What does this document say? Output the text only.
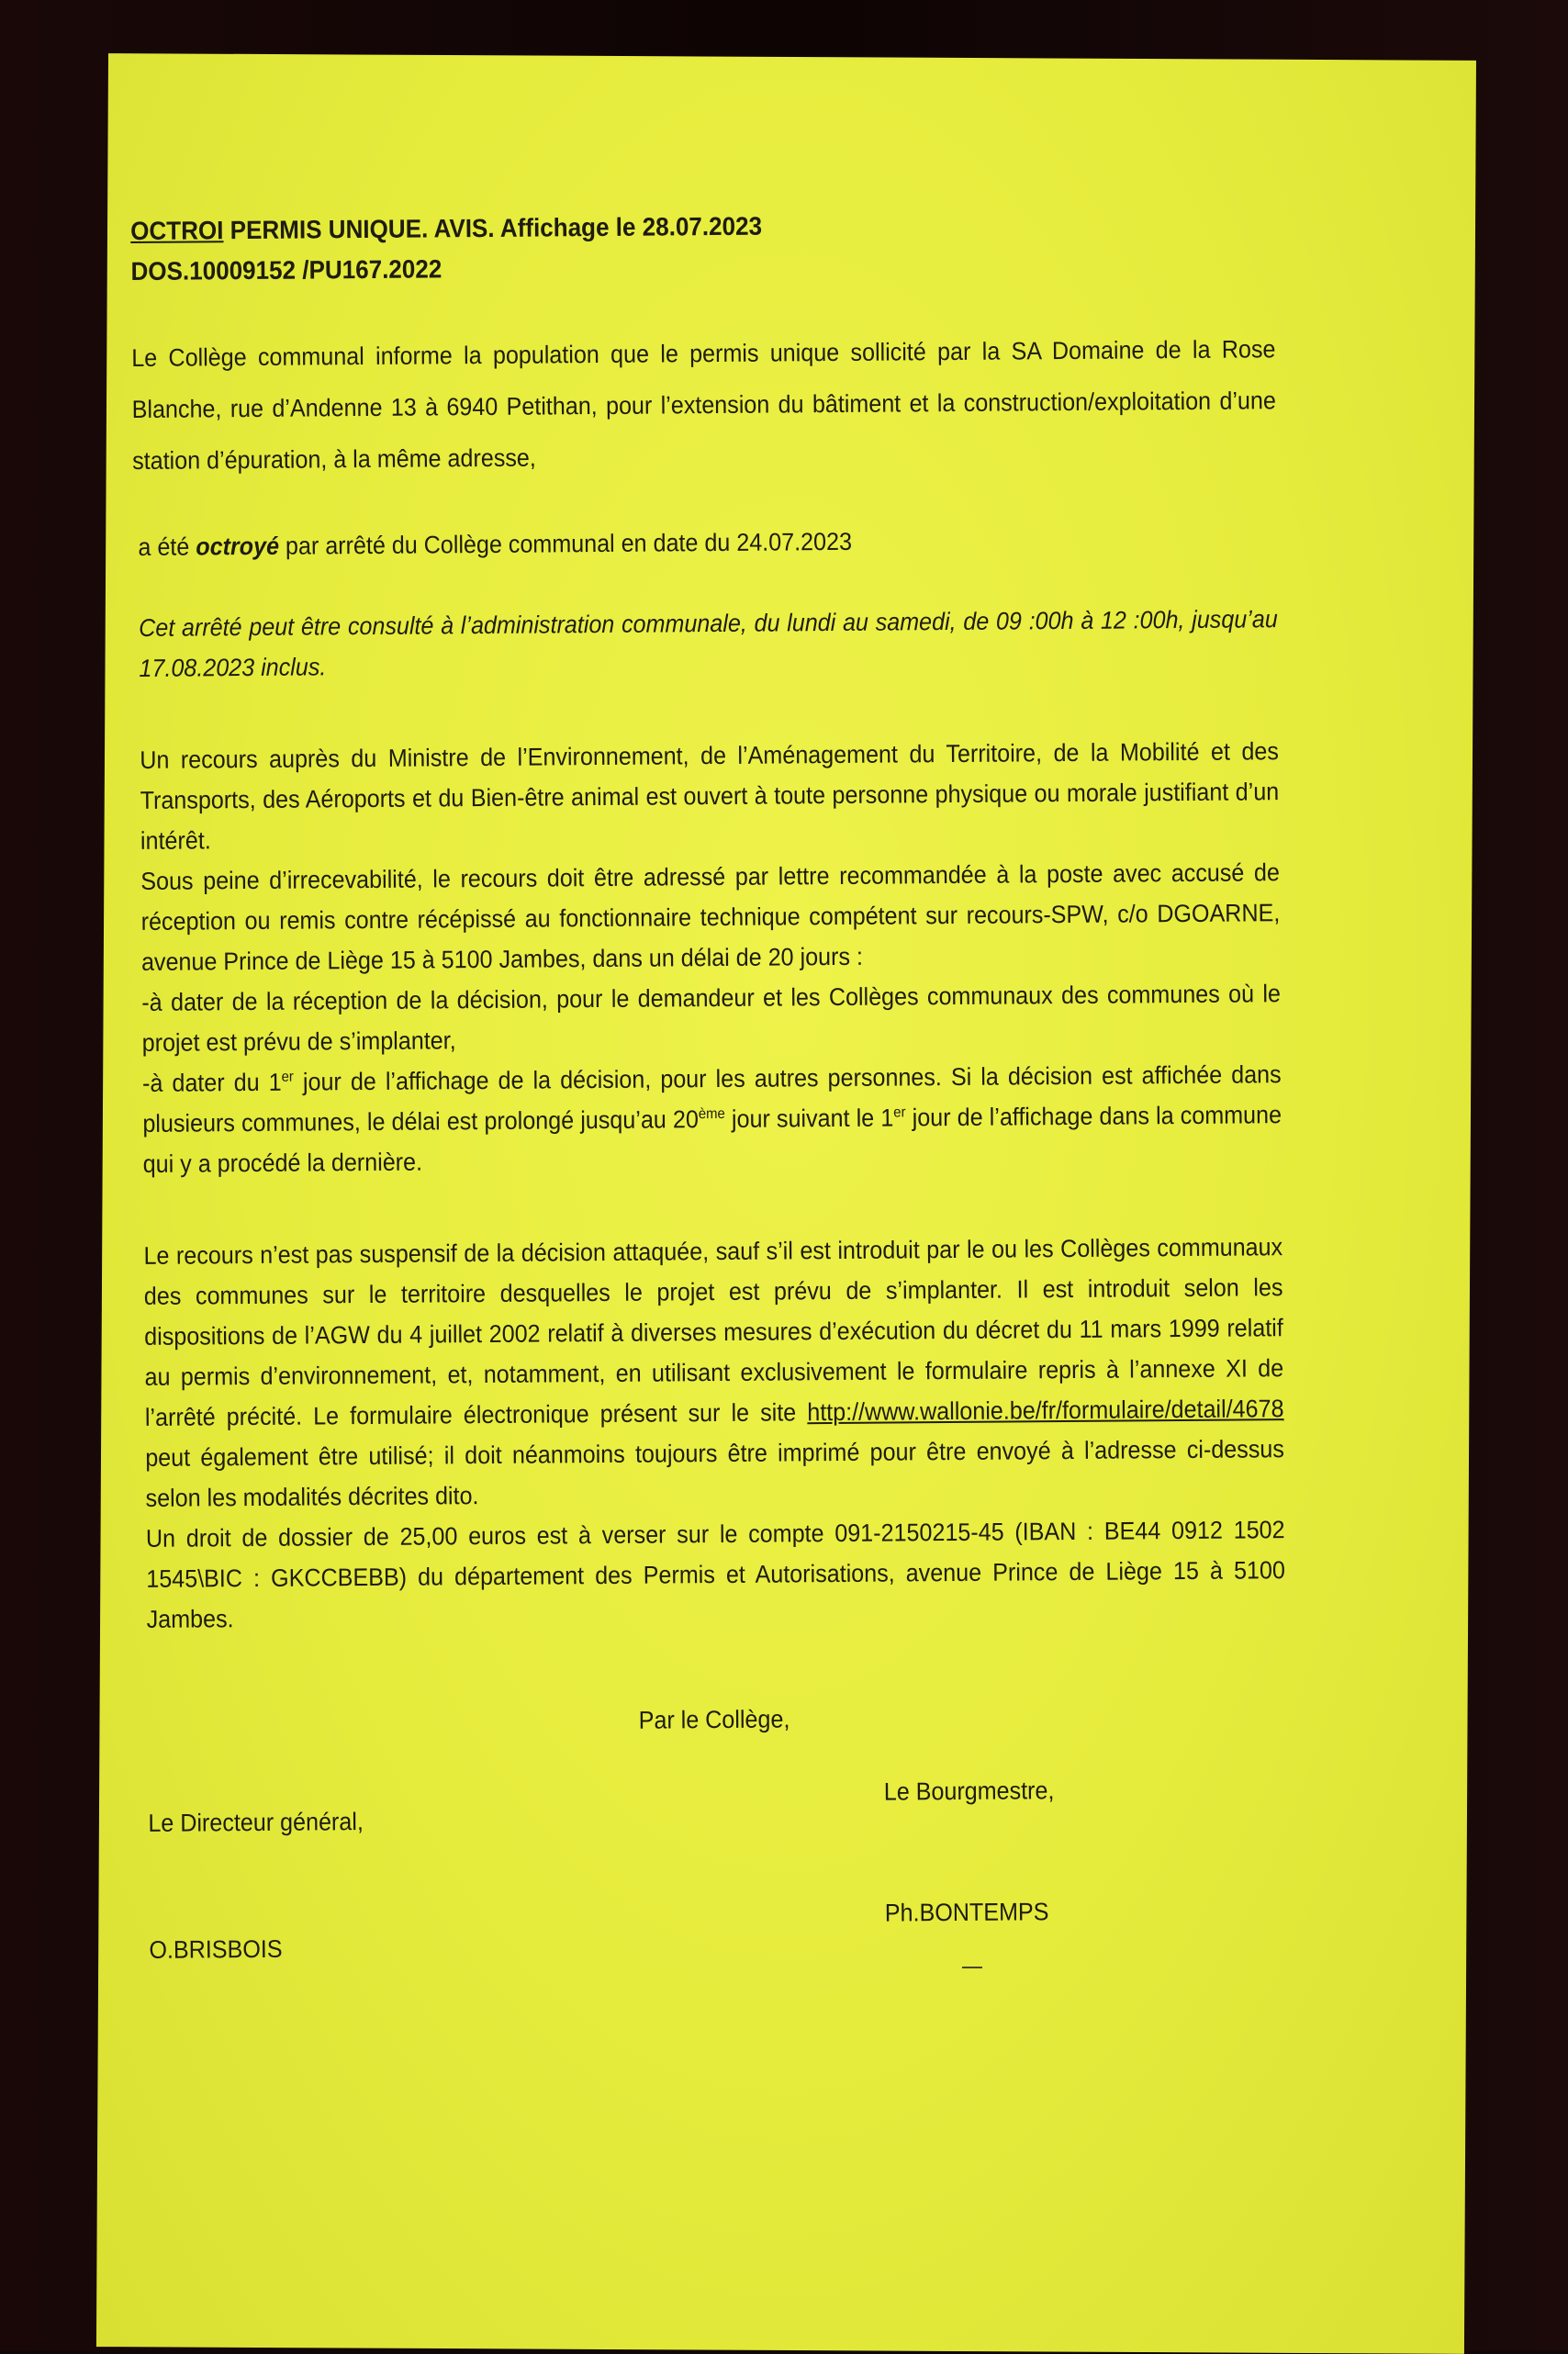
OCTROI PERMIS UNIQUE. AVIS. Affichage le 28.07.2023
DOS.10009152 /PU167.2022

Le Collège communal informe la population que le permis unique sollicité par la SA Domaine de la Rose Blanche, rue d’Andenne 13 à 6940 Petithan, pour l’extension du bâtiment et la construction/exploitation d’une station d’épuration, à la même adresse,

a été octroyé par arrêté du Collège communal en date du 24.07.2023

Cet arrêté peut être consulté à l’administration communale, du lundi au samedi, de 09 :00h à 12 :00h, jusqu’au 17.08.2023 inclus.

Un recours auprès du Ministre de l’Environnement, de l’Aménagement du Territoire, de la Mobilité et des Transports, des Aéroports et du Bien-être animal est ouvert à toute personne physique ou morale justifiant d’un intérêt.

Sous peine d’irrecevabilité, le recours doit être adressé par lettre recommandée à la poste avec accusé de réception ou remis contre récépissé au fonctionnaire technique compétent sur recours-SPW, c/o DGOARNE, avenue Prince de Liège 15 à 5100 Jambes, dans un délai de 20 jours :

-à dater de la réception de la décision, pour le demandeur et les Collèges communaux des communes où le projet est prévu de s’implanter,

-à dater du 1er jour de l’affichage de la décision, pour les autres personnes. Si la décision est affichée dans plusieurs communes, le délai est prolongé jusqu’au 20ème jour suivant le 1er jour de l’affichage dans la commune qui y a procédé la dernière.

Le recours n’est pas suspensif de la décision attaquée, sauf s’il est introduit par le ou les Collèges communaux des communes sur le territoire desquelles le projet est prévu de s’implanter. Il est introduit selon les dispositions de l’AGW du 4 juillet 2002 relatif à diverses mesures d’exécution du décret du 11 mars 1999 relatif au permis d’environnement, et, notamment, en utilisant exclusivement le formulaire repris à l’annexe XI de l’arrêté précité. Le formulaire électronique présent sur le site http://www.wallonie.be/fr/formulaire/detail/4678 peut également être utilisé; il doit néanmoins toujours être imprimé pour être envoyé à l’adresse ci-dessus selon les modalités décrites dito.

Un droit de dossier de 25,00 euros est à verser sur le compte 091-2150215-45 (IBAN : BE44 0912 1502 1545\BIC : GKCCBEBB) du département des Permis et Autorisations, avenue Prince de Liège 15 à 5100 Jambes.

Par le Collège,
Le Directeur général,
Le Bourgmestre,
O.BRISBOIS
Ph.BONTEMPS
